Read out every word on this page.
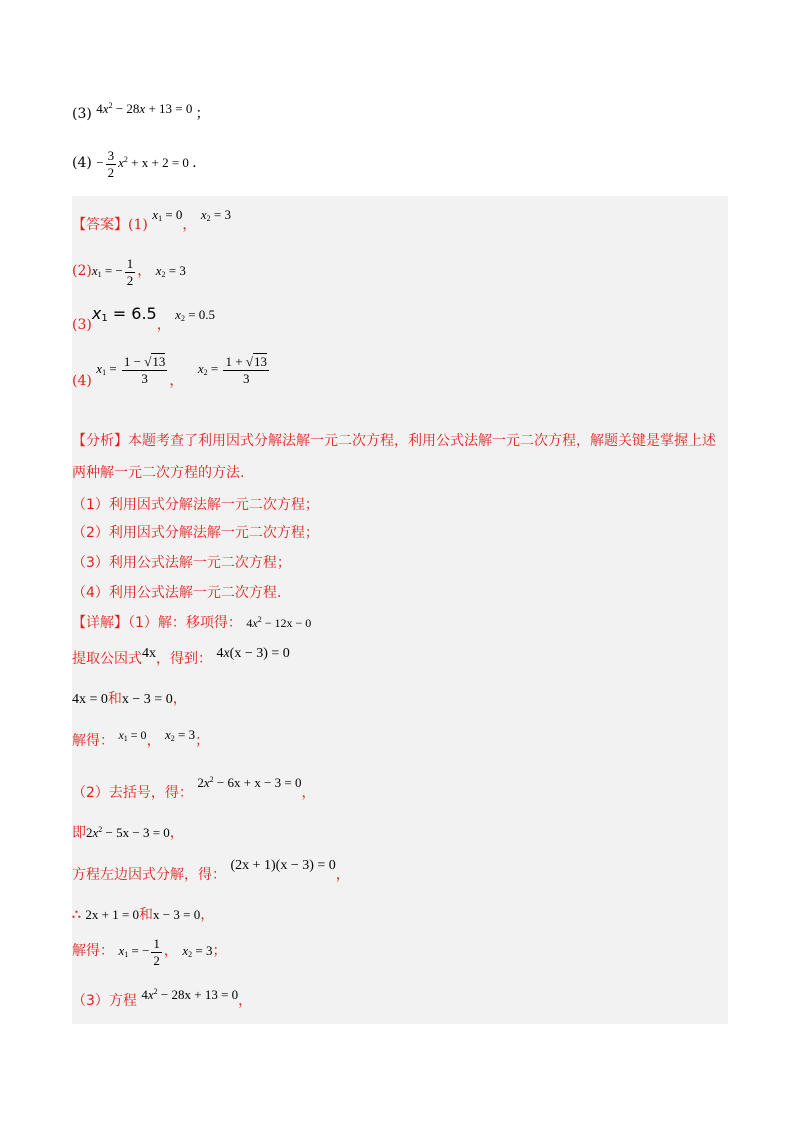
(3) $4x^2 - 28x + 13 = 0$ ；
$(4) - \frac{3}{2} x^2 + x + 2 = 0$ .
【答案】(1) $x_1 = 0$， $x_2 = 3$
$(2)x_1$ = − $\frac{1}{2}$ ， $x_2 = 3$
$(3)x_1 = 6.5$， $x_2 = 0.5$
(4) $x_1 = \frac{1 - √13}{3}$ ， $x_2 = \frac{1 + √13}{3}$
【分析】本题考查了利用因式分解法解一元二次方程，利用公式法解一元二次方程，解题关键是掌握上述
两种解一元二次方程的方法.
（1）利用因式分解法解一元二次方程；
（2）利用因式分解法解一元二次方程；
（3）利用公式法解一元二次方程；
（4）利用公式法解一元二次方程.
【详解】（1）解：移项得： $4x^2 - 12x - 0$
提取公因式4x，得到： 4x(x − 3) = 0
4x = 0和x − 3 = 0，
解得： $x_1 = 0$， $x_2 = 3$；
（2）去括号，得： $2x^2 - 6x + x - 3 = 0$，
即$2x^2 - 5x - 3 = 0$，
方程左边因式分解，得： (2x + 1)(x − 3) = 0，
∴ 2x + 1 = 0和x − 3 = 0，
解得： $x_1$ = − $\frac{1}{2}$ ， $x_2 = 3$；
（3）方程 $4x^2 - 28x + 13 = 0$，
